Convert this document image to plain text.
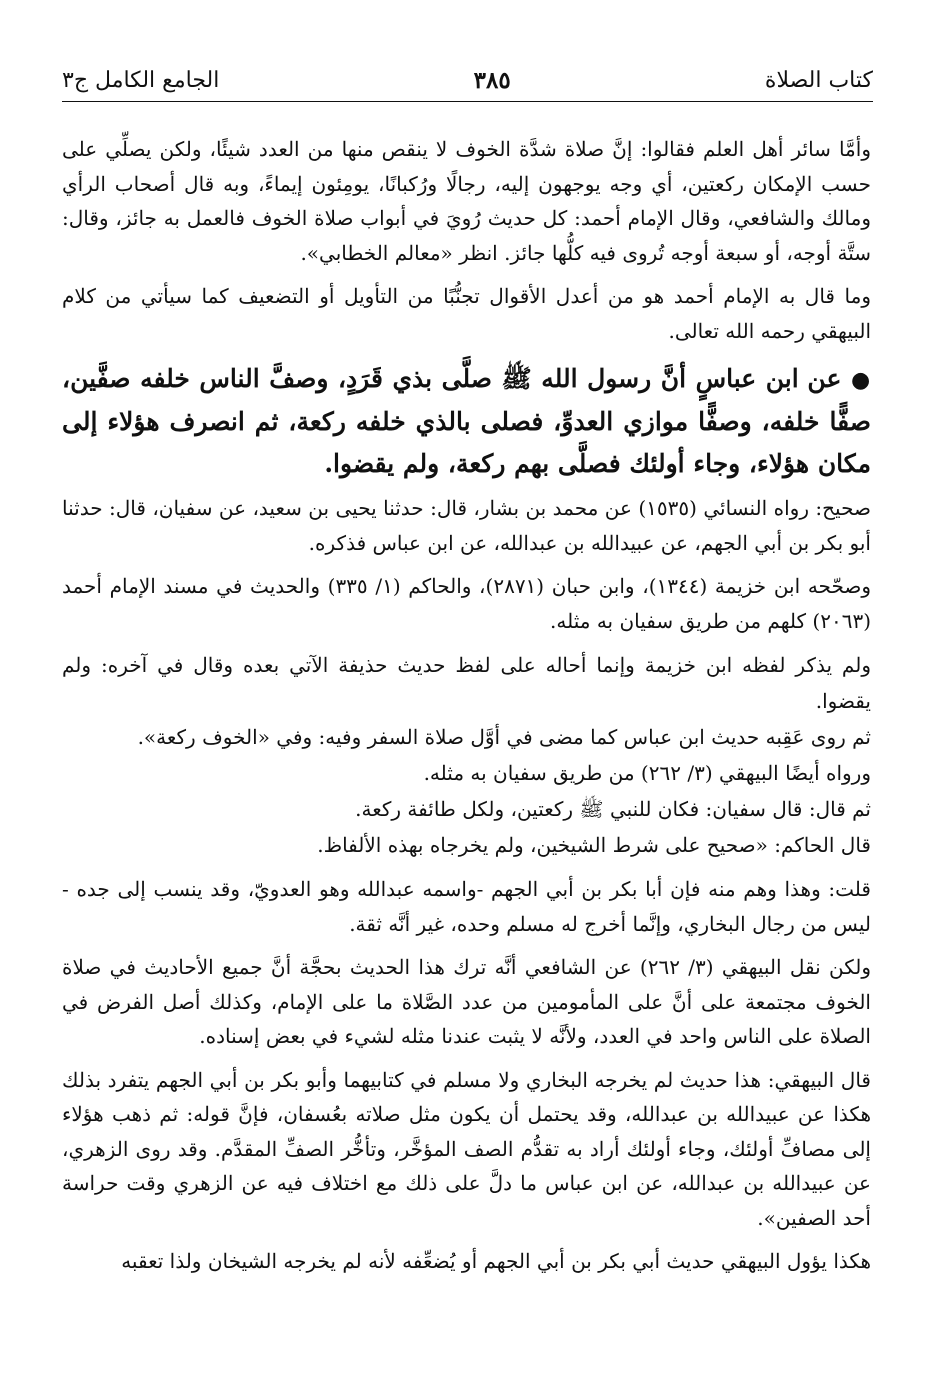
كتاب الصلاة
٣٨٥
الجامع الكامل ج٣

وأمَّا سائر أهل العلم فقالوا: إنَّ صلاة شدَّة الخوف لا ينقص منها من العدد شيئًا، ولكن يصلِّي على حسب الإمكان ركعتين، أي وجه يوجهون إليه، رجالًا ورُكبانًا، يومِئون إيماءً، وبه قال أصحاب الرأي ومالك والشافعي، وقال الإمام أحمد: كل حديث رُويَ في أبواب صلاة الخوف فالعمل به جائز، وقال: ستَّة أوجه، أو سبعة أوجه تُروى فيه كلُّها جائز. انظر «معالم الخطابي».

وما قال به الإمام أحمد هو من أعدل الأقوال تجنُّبًا من التأويل أو التضعيف كما سيأتي من كلام البيهقي رحمه الله تعالى.

● عن ابن عباسٍ أنَّ رسول الله ﷺ صلَّى بذي قَرَدٍ، وصفَّ الناس خلفه صفَّين، صفًّا خلفه، وصفًّا موازي العدوِّ، فصلى بالذي خلفه ركعة، ثم انصرف هؤلاء إلى مكان هؤلاء، وجاء أولئك فصلَّى بهم ركعة، ولم يقضوا.

صحيح: رواه النسائي (١٥٣٥) عن محمد بن بشار، قال: حدثنا يحيى بن سعيد، عن سفيان، قال: حدثنا أبو بكر بن أبي الجهم، عن عبيدالله بن عبدالله، عن ابن عباس فذكره.

وصحّحه ابن خزيمة (١٣٤٤)، وابن حبان (٢٨٧١)، والحاكم (١/ ٣٣٥) والحديث في مسند الإمام أحمد (٢٠٦٣) كلهم من طريق سفيان به مثله.

ولم يذكر لفظه ابن خزيمة وإنما أحاله على لفظ حديث حذيفة الآتي بعده وقال في آخره: ولم يقضوا.

ثم روى عَقِبه حديث ابن عباس كما مضى في أوَّل صلاة السفر وفيه: وفي «الخوف ركعة».

ورواه أيضًا البيهقي (٣/ ٢٦٢) من طريق سفيان به مثله.

ثم قال: قال سفيان: فكان للنبي ﷺ ركعتين، ولكل طائفة ركعة.

قال الحاكم: «صحيح على شرط الشيخين، ولم يخرجاه بهذه الألفاظ.

قلت: وهذا وهم منه فإن أبا بكر بن أبي الجهم -واسمه عبدالله وهو العدويّ، وقد ينسب إلى جده - ليس من رجال البخاري، وإنَّما أخرج له مسلم وحده، غير أنَّه ثقة.

ولكن نقل البيهقي (٣/ ٢٦٢) عن الشافعي أنَّه ترك هذا الحديث بحجَّة أنَّ جميع الأحاديث في صلاة الخوف مجتمعة على أنَّ على المأمومين من عدد الصَّلاة ما على الإمام، وكذلك أصل الفرض في الصلاة على الناس واحد في العدد، ولأنَّه لا يثبت عندنا مثله لشيء في بعض إسناده.

قال البيهقي: هذا حديث لم يخرجه البخاري ولا مسلم في كتابيهما وأبو بكر بن أبي الجهم يتفرد بذلك هكذا عن عبيدالله بن عبدالله، وقد يحتمل أن يكون مثل صلاته بعُسفان، فإنَّ قوله: ثم ذهب هؤلاء إلى مصافِّ أولئك، وجاء أولئك أراد به تقدُّم الصف المؤخَّر، وتأخُّر الصفِّ المقدَّم. وقد روى الزهري، عن عبيدالله بن عبدالله، عن ابن عباس ما دلَّ على ذلك مع اختلاف فيه عن الزهري وقت حراسة أحد الصفين».

هكذا يؤول البيهقي حديث أبي بكر بن أبي الجهم أو يُضعِّفه لأنه لم يخرجه الشيخان ولذا تعقبه
